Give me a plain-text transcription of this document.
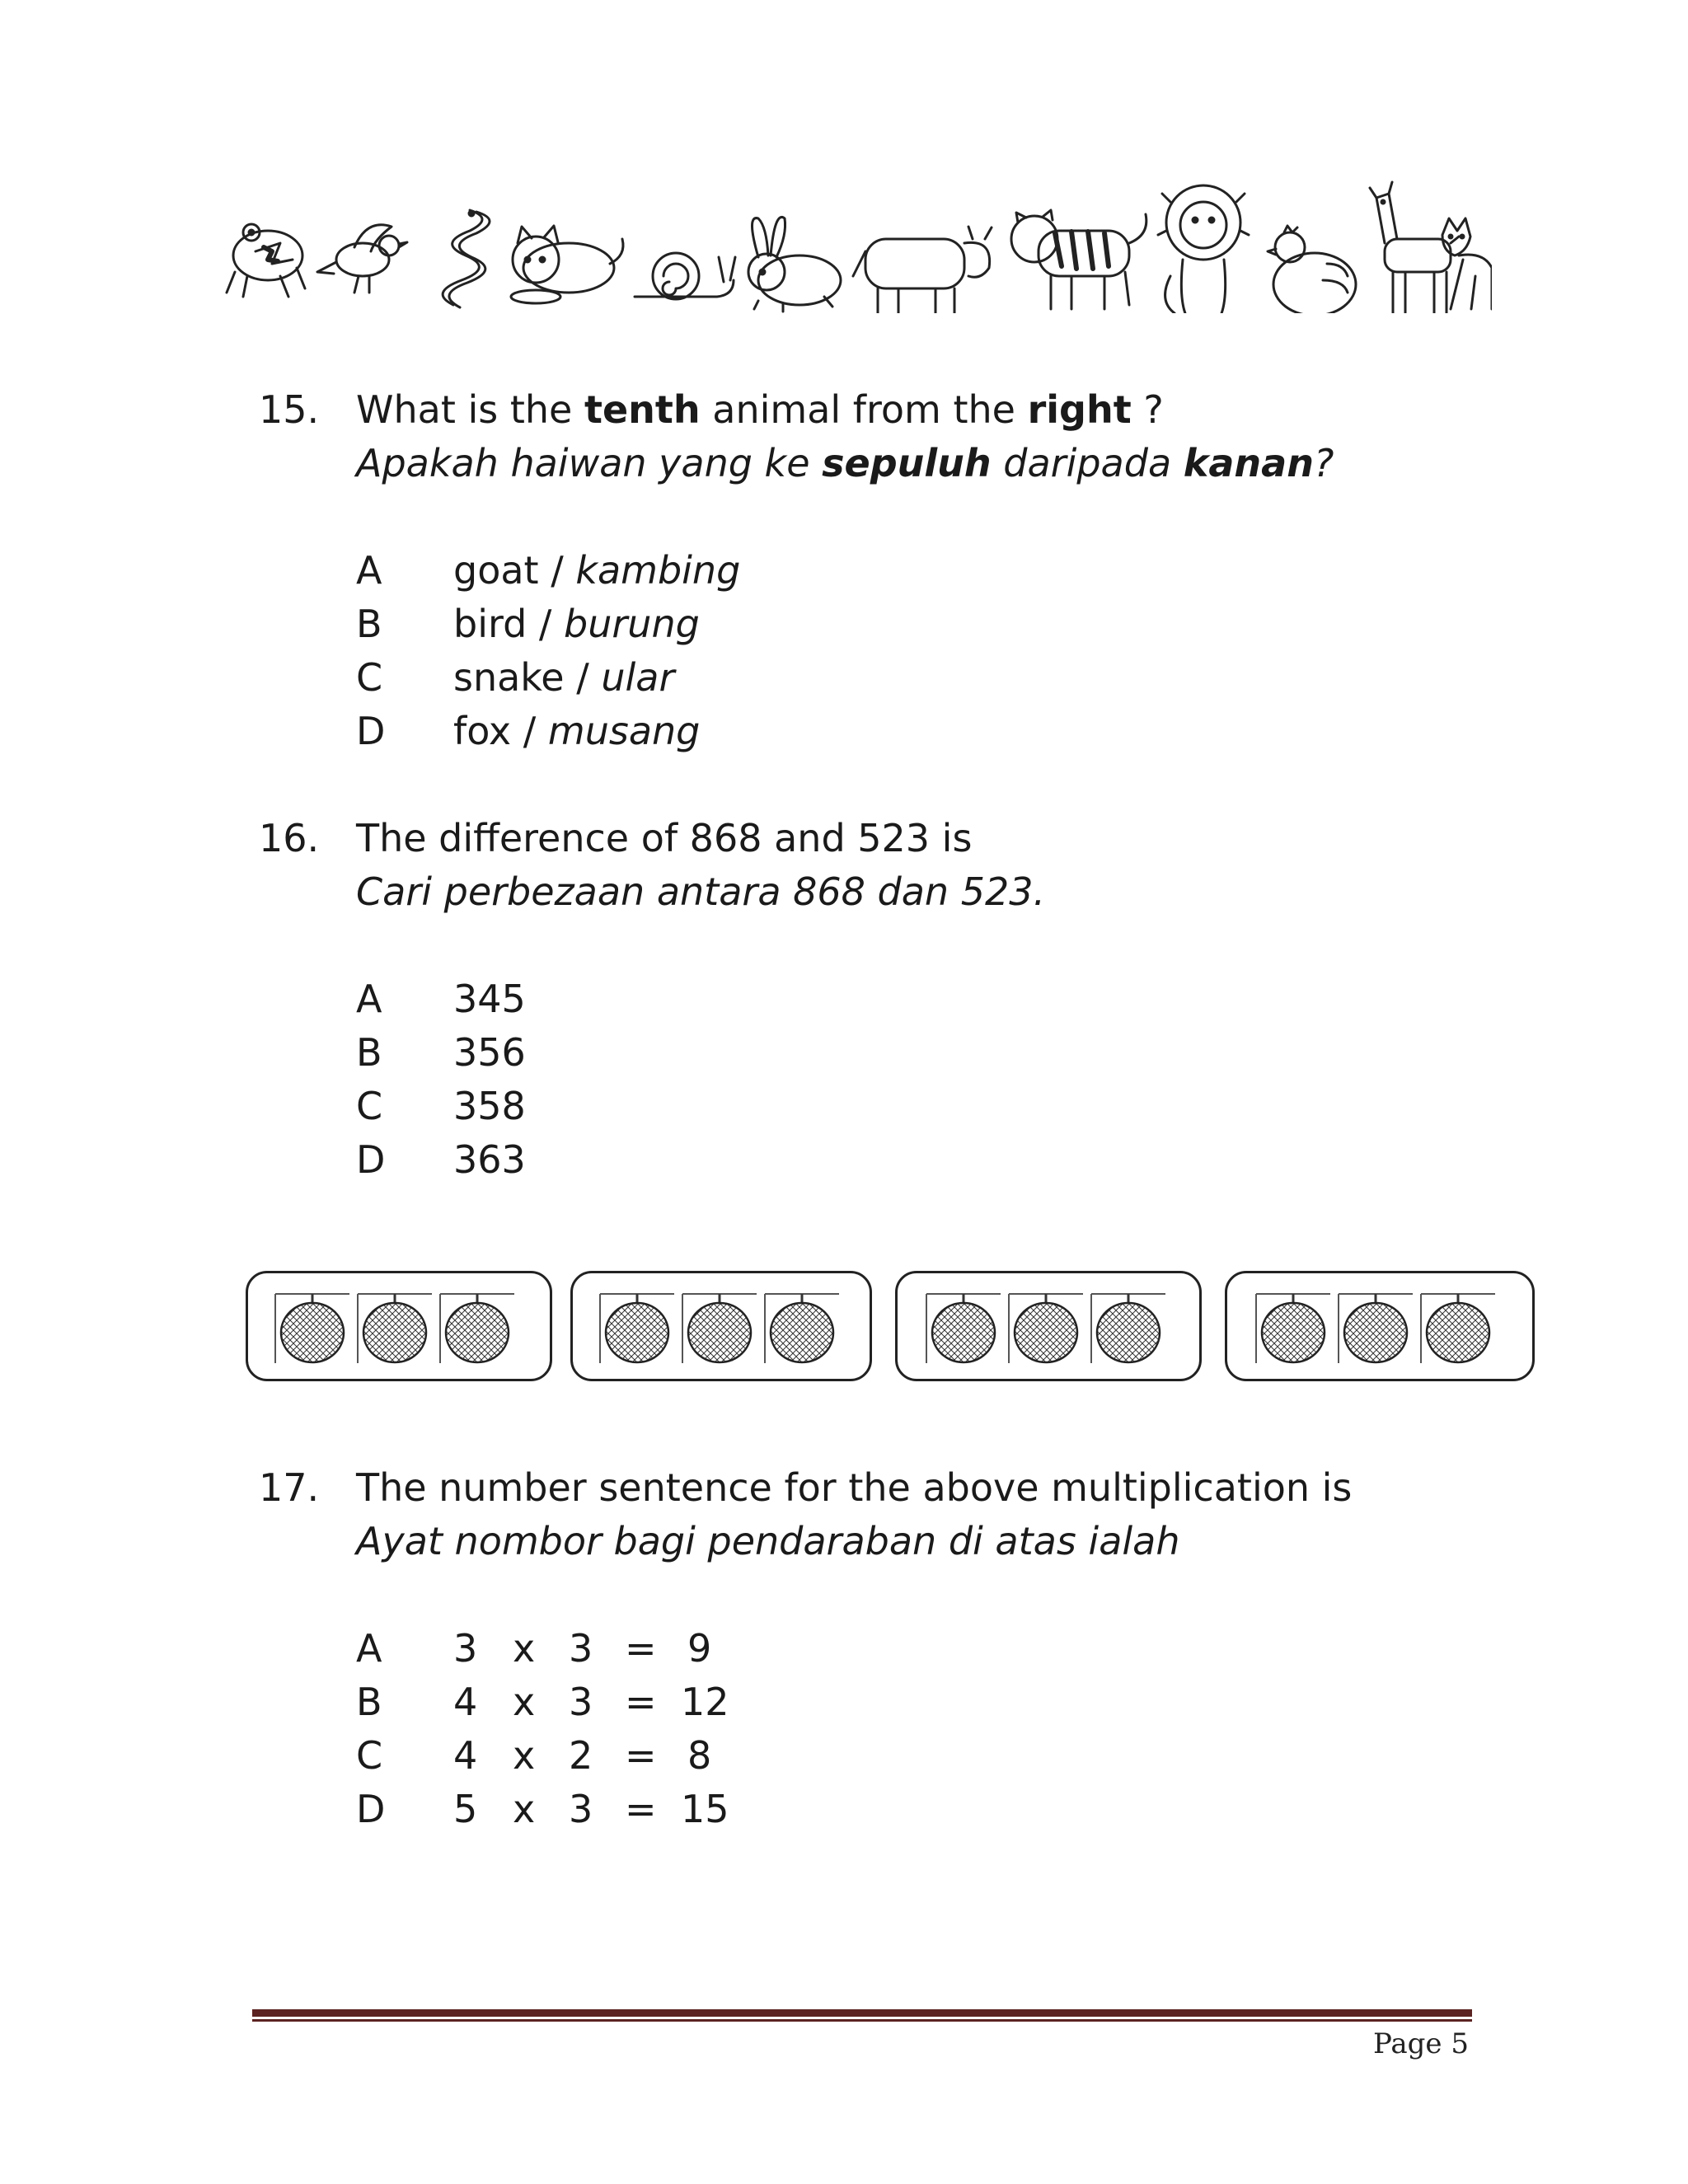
15. What is the tenth animal from the right ?
Apakah haiwan yang ke sepuluh daripada kanan?
A goat / kambing
B bird / burung
C snake / ular
D fox / musang
16. The difference of 868 and 523 is
Cari perbezaan antara 868 dan 523.
A 345
B 356
C 358
D 363
17. The number sentence for the above multiplication is
Ayat nombor bagi pendaraban di atas ialah
A 3 x 3 = 9
B 4 x 3 = 12
C 4 x 2 = 8
D 5 x 3 = 15
Page 5
